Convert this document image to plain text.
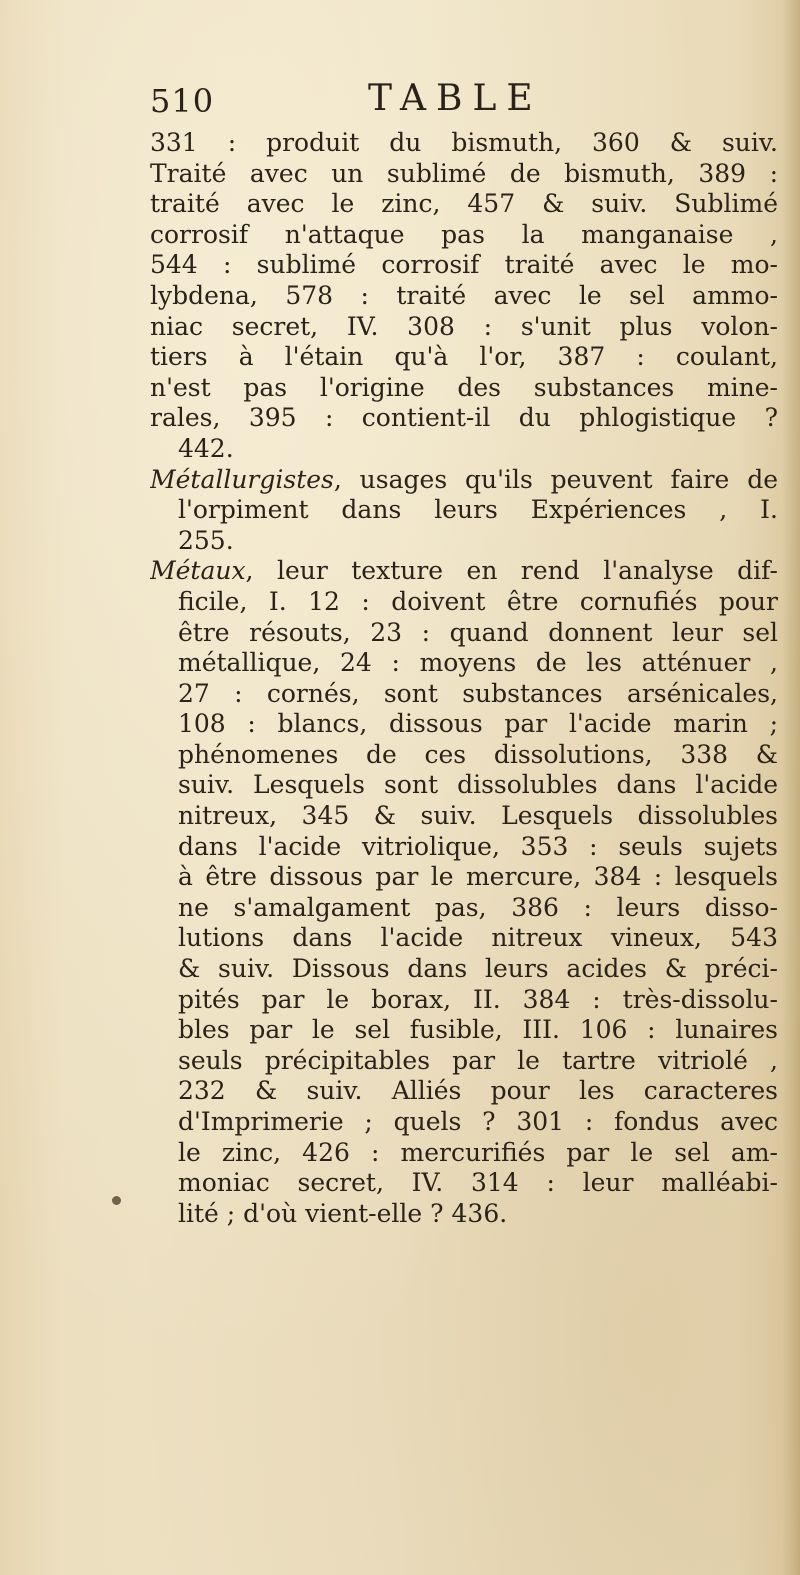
510	TABLE
331 : produit du bismuth, 360 & suiv.
Traité avec un sublimé de bismuth, 389 :
traité avec le zinc, 457 & suiv. Sublimé
corrosif n'attaque pas la manganaise ,
544 : sublimé corrosif traité avec le mo-
lybdena, 578 : traité avec le sel ammo-
niac secret, IV. 308 : s'unit plus volon-
tiers à l'étain qu'à l'or, 387 : coulant,
n'est pas l'origine des substances mine-
rales, 395 : contient-il du phlogistique ?
442.
Métallurgistes, usages qu'ils peuvent faire de
l'orpiment dans leurs Expériences , I.
255.
Métaux, leur texture en rend l'analyse dif-
ficile, I. 12 : doivent être cornufiés pour
être résouts, 23 : quand donnent leur sel
métallique, 24 : moyens de les atténuer ,
27 : cornés, sont substances arsénicales,
108 : blancs, dissous par l'acide marin ;
phénomenes de ces dissolutions, 338 &
suiv. Lesquels sont dissolubles dans l'acide
nitreux, 345 & suiv. Lesquels dissolubles
dans l'acide vitriolique, 353 : seuls sujets
à être dissous par le mercure, 384 : lesquels
ne s'amalgament pas, 386 : leurs disso-
lutions dans l'acide nitreux vineux, 543
& suiv. Dissous dans leurs acides & préci-
pités par le borax, II. 384 : très-dissolu-
bles par le sel fusible, III. 106 : lunaires
seuls précipitables par le tartre vitriolé ,
232 & suiv. Alliés pour les caracteres
d'Imprimerie ; quels ? 301 : fondus avec
le zinc, 426 : mercurifiés par le sel am-
moniac secret, IV. 314 : leur malléabi-
lité ; d'où vient-elle ? 436.
